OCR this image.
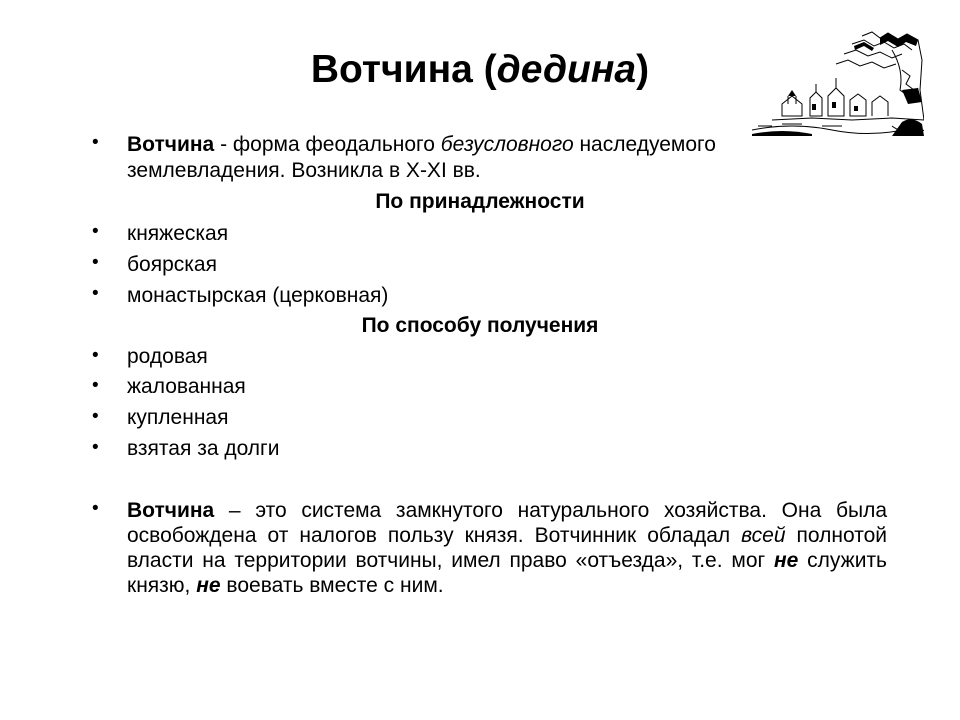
Вотчина (дедина)
• Вотчина - форма феодального безусловного наследуемого
землевладения. Возникла в X-XI вв.
По принадлежности
• княжеская
• боярская
• монастырская (церковная)
По способу получения
• родовая
• жалованная
• купленная
• взятая за долги
• Вотчина – это система замкнутого натурального хозяйства. Она была освобождена от налогов пользу князя. Вотчинник обладал всей полнотой власти на территории вотчины, имел право «отъезда», т.е. мог не служить князю, не воевать вместе с ним.
